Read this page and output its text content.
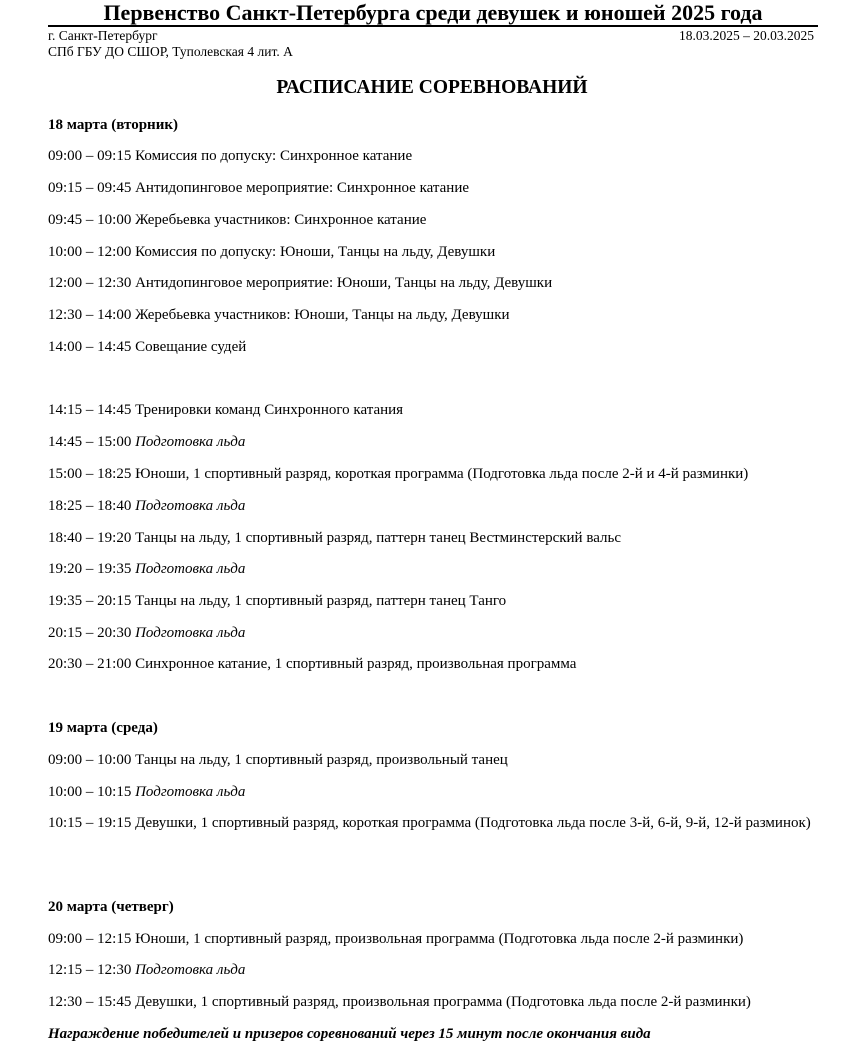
Первенство Санкт-Петербурга среди девушек и юношей 2025 года
г. Санкт-Петербург	18.03.2025 – 20.03.2025
СПб ГБУ ДО СШОР, Туполевская 4 лит. А
РАСПИСАНИЕ СОРЕВНОВАНИЙ
18 марта (вторник)
09:00 – 09:15 Комиссия по допуску: Синхронное катание
09:15 – 09:45 Антидопинговое мероприятие: Синхронное катание
09:45 – 10:00 Жеребьевка участников: Синхронное катание
10:00 – 12:00 Комиссия по допуску: Юноши, Танцы на льду, Девушки
12:00 – 12:30 Антидопинговое мероприятие: Юноши, Танцы на льду, Девушки
12:30 – 14:00 Жеребьевка участников: Юноши, Танцы на льду, Девушки
14:00 – 14:45 Совещание судей
14:15 – 14:45 Тренировки команд Синхронного катания
14:45 – 15:00 Подготовка льда
15:00 – 18:25 Юноши, 1 спортивный разряд, короткая программа (Подготовка льда после 2-й и 4-й разминки)
18:25 – 18:40 Подготовка льда
18:40 – 19:20 Танцы на льду, 1 спортивный разряд, паттерн танец Вестминстерский вальс
19:20 – 19:35 Подготовка льда
19:35 – 20:15 Танцы на льду, 1 спортивный разряд, паттерн танец Танго
20:15 – 20:30 Подготовка льда
20:30 – 21:00 Синхронное катание, 1 спортивный разряд, произвольная программа
19 марта (среда)
09:00 – 10:00 Танцы на льду, 1 спортивный разряд, произвольный танец
10:00 – 10:15 Подготовка льда
10:15 – 19:15 Девушки, 1 спортивный разряд, короткая программа (Подготовка льда после 3-й, 6-й, 9-й, 12-й разминок)
20 марта (четверг)
09:00 – 12:15 Юноши, 1 спортивный разряд, произвольная программа (Подготовка льда после 2-й разминки)
12:15 – 12:30 Подготовка льда
12:30 – 15:45 Девушки, 1 спортивный разряд, произвольная программа (Подготовка льда после 2-й разминки)
Награждение победителей и призеров соревнований через 15 минут после окончания вида
